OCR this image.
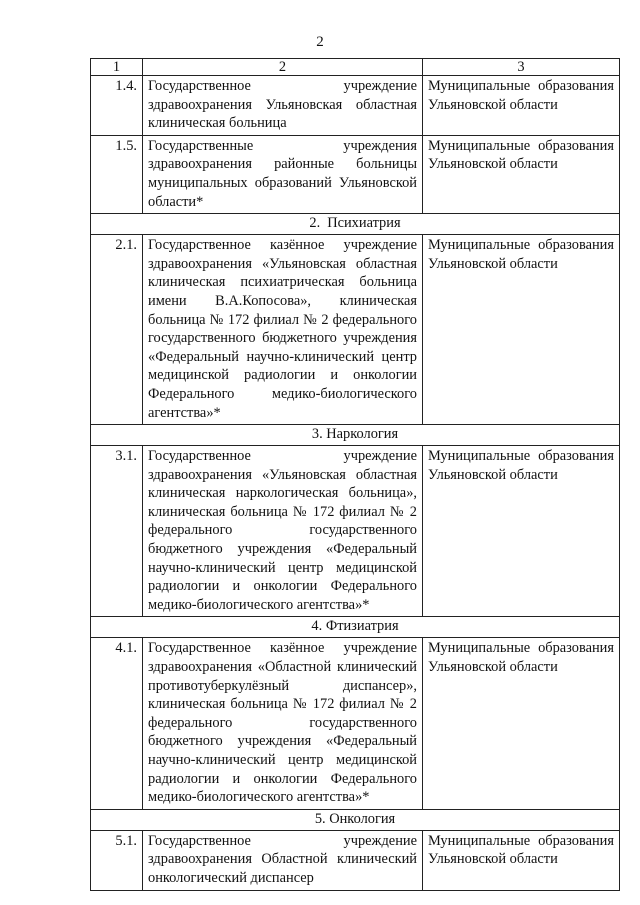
2
1	2	3
1.4.	Государственное учреждение здравоохранения Ульяновская областная клиническая больница	Муниципальные образования Ульяновской области
1.5.	Государственные учреждения здравоохранения районные больницы муниципальных образований Ульяновской области*	Муниципальные образования Ульяновской области
2. Психиатрия		
2.1.	Государственное казённое учреждение здравоохранения «Ульяновская областная клиническая психиатрическая больница имени В.А.Копосова», клиническая больница № 172 филиал № 2 федерального государственного бюджетного учреждения «Федеральный научно-клинический центр медицинской радиологии и онкологии Федерального медико-биологического агентства»*	Муниципальные образования Ульяновской области
3. Наркология		
3.1.	Государственное учреждение здравоохранения «Ульяновская областная клиническая наркологическая больница», клиническая больница № 172 филиал № 2 федерального государственного бюджетного учреждения «Федеральный научно-клинический центр медицинской радиологии и онкологии Федерального медико-биологического агентства»*	Муниципальные образования Ульяновской области
4. Фтизиатрия		
4.1.	Государственное казённое учреждение здравоохранения «Областной клинический противотуберкулёзный диспансер», клиническая больница № 172 филиал № 2 федерального государственного бюджетного учреждения «Федеральный научно-клинический центр медицинской радиологии и онкологии Федерального медико-биологического агентства»*	Муниципальные образования Ульяновской области
5. Онкология		
5.1.	Государственное учреждение здравоохранения Областной клинический онкологический диспансер	Муниципальные образования Ульяновской области
